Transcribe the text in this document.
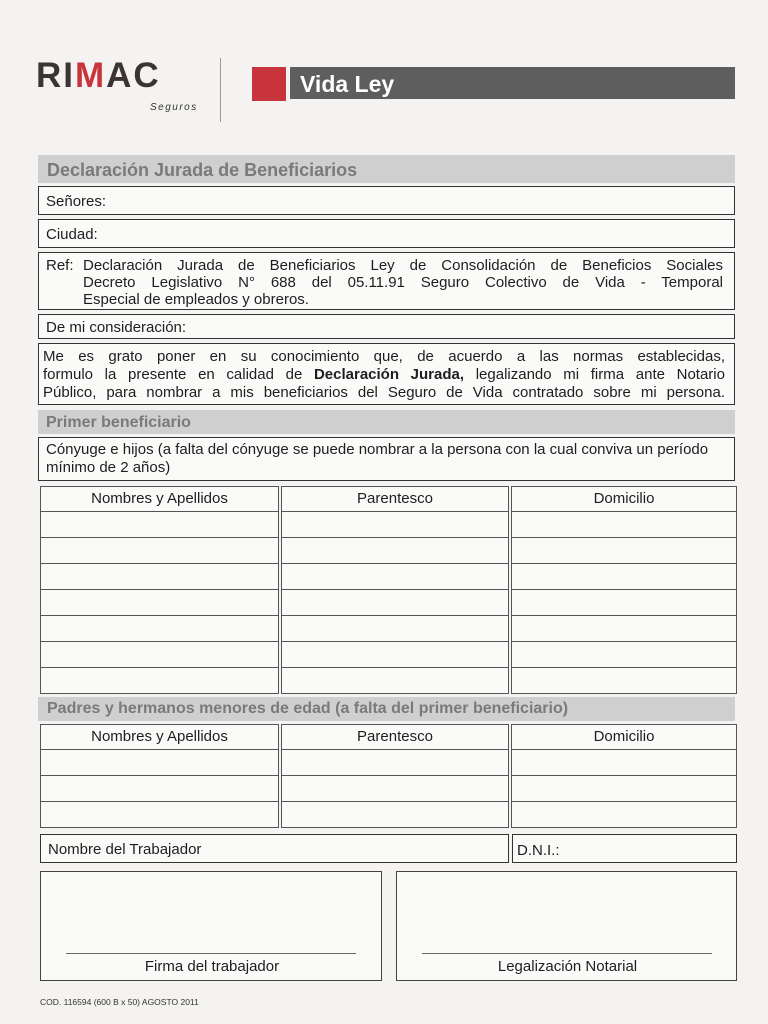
RIMAC
Seguros
Vida Ley
Declaración Jurada de Beneficiarios
Señores:
Ciudad:
Ref: Declaración Jurada de Beneficiarios Ley de Consolidación de Beneficios Sociales
Decreto Legislativo N° 688 del 05.11.91 Seguro Colectivo de Vida - Temporal
Especial de empleados y obreros.
De mi consideración:
Me es grato poner en su conocimiento que, de acuerdo a las normas establecidas,
formulo la presente en calidad de Declaración Jurada, legalizando mi firma ante Notario
Público, para nombrar a mis beneficiarios del Seguro de Vida contratado sobre mi persona.
Primer beneficiario
Cónyuge e hijos (a falta del cónyuge se puede nombrar a la persona con la cual conviva un período mínimo de 2 años)
Nombres y Apellidos		Parentesco		Domicilio

Padres y hermanos menores de edad (a falta del primer beneficiario)
Nombres y Apellidos		Parentesco		Domicilio

Nombre del Trabajador	D.N.I.:
Firma del trabajador	Legalización Notarial
COD. 116594 (600 B x 50) AGOSTO 2011
